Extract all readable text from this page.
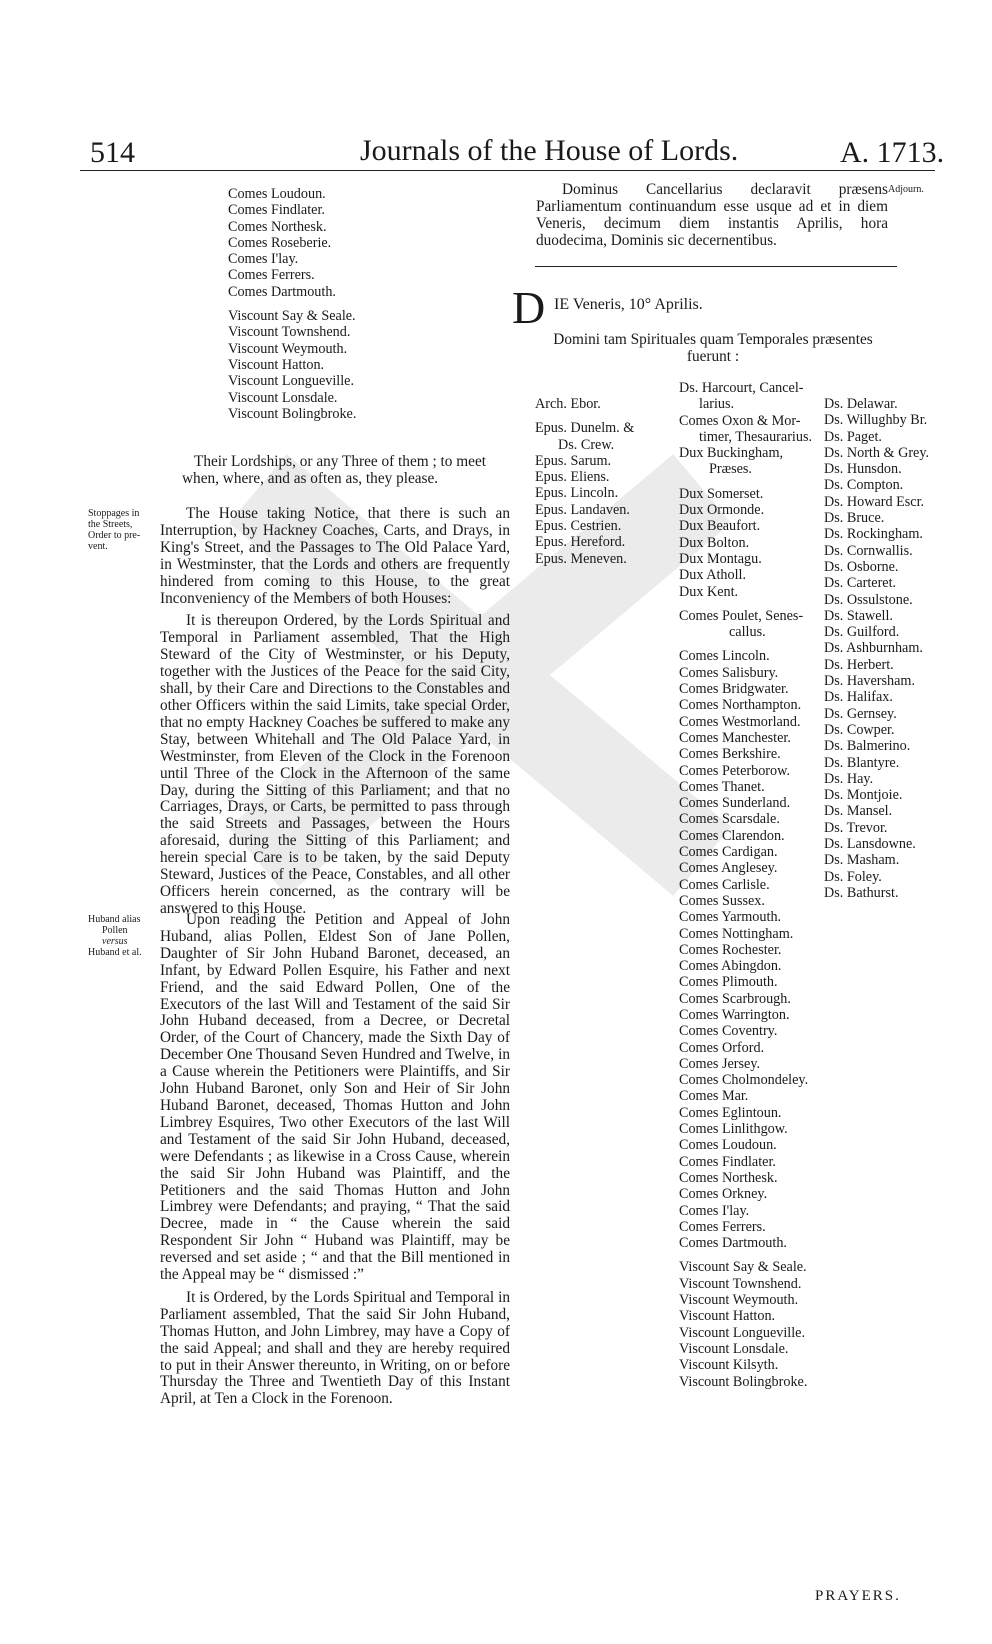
514	Journals of the House of Lords.	A. 1713.
Comes Loudoun.
Comes Findlater.
Comes Northesk.
Comes Roseberie.
Comes I'lay.
Comes Ferrers.
Comes Dartmouth.
Viscount Say & Seale.
Viscount Townshend.
Viscount Weymouth.
Viscount Hatton.
Viscount Longueville.
Viscount Lonsdale.
Viscount Bolingbroke.
Their Lordships, or any Three of them ; to meet
when, where, and as often as, they please.
Stoppages in
the Streets,
Order to pre-
vent.

The House taking Notice, that there is such an Interruption, by Hackney Coaches, Carts, and Drays, in King's Street, and the Passages to The Old Palace Yard, in Westminster, that the Lords and others are frequently hindered from coming to this House, to the great Inconveniency of the Members of both Houses:

It is thereupon Ordered, by the Lords Spiritual and Temporal in Parliament assembled, That the High Steward of the City of Westminster, or his Deputy, together with the Justices of the Peace for the said City, shall, by their Care and Directions to the Constables and other Officers within the said Limits, take special Order, that no empty Hackney Coaches be suffered to make any Stay, between Whitehall and The Old Palace Yard, in Westminster, from Eleven of the Clock in the Forenoon until Three of the Clock in the Afternoon of the same Day, during the Sitting of this Parliament; and that no Carriages, Drays, or Carts, be permitted to pass through the said Streets and Passages, between the Hours aforesaid, during the Sitting of this Parliament; and herein special Care is to be taken, by the said Deputy Steward, Justices of the Peace, Constables, and all other Officers herein concerned, as the contrary will be answered to this House.

Huband alias
Pollen
versus
Huband et al.

Upon reading the Petition and Appeal of John Huband, alias Pollen, Eldest Son of Jane Pollen, Daughter of Sir John Huband Baronet, deceased, an Infant, by Edward Pollen Esquire, his Father and next Friend, and the said Edward Pollen, One of the Executors of the last Will and Testament of the said Sir John Huband deceased, from a Decree, or Decretal Order, of the Court of Chancery, made the Sixth Day of December One Thousand Seven Hundred and Twelve, in a Cause wherein the Petitioners were Plaintiffs, and Sir John Huband Baronet, only Son and Heir of Sir John Huband Baronet, deceased, Thomas Hutton and John Limbrey Esquires, Two other Executors of the last Will and Testament of the said Sir John Huband, deceased, were Defendants ; as likewise in a Cross Cause, wherein the said Sir John Huband was Plaintiff, and the Petitioners and the said Thomas Hutton and John Limbrey were Defendants; and praying, “ That the said Decree, made in “ the Cause wherein the said Respondent Sir John “ Huband was Plaintiff, may be reversed and set aside ; “ and that the Bill mentioned in the Appeal may be “ dismissed :”

It is Ordered, by the Lords Spiritual and Temporal in Parliament assembled, That the said Sir John Huband, Thomas Hutton, and John Limbrey, may have a Copy of the said Appeal; and shall and they are hereby required to put in their Answer thereunto, in Writing, on or before Thursday the Three and Twentieth Day of this Instant April, at Ten a Clock in the Forenoon.

Dominus Cancellarius declaravit præsens Parliamentum continuandum esse usque ad et in diem Veneris, decimum diem instantis Aprilis, hora duodecima, Dominis sic decernentibus.

Adjourn.
D IE Veneris, 10° Aprilis.
Domini tam Spirituales quam Temporales præsentes
fuerunt :
Arch. Ebor.
Epus. Dunelm. &
Ds. Crew.
Epus. Sarum.
Epus. Eliens.
Epus. Lincoln.
Epus. Landaven.
Epus. Cestrien.
Epus. Hereford.
Epus. Meneven.
Ds. Harcourt, Cancel-
larius.
Comes Oxon & Mor-
timer, Thesaurarius.
Dux Buckingham,
Præses.
Dux Somerset.
Dux Ormonde.
Dux Beaufort.
Dux Bolton.
Dux Montagu.
Dux Atholl.
Dux Kent.
Comes Poulet, Senes-
callus.
Comes Lincoln.
Comes Salisbury.
Comes Bridgwater.
Comes Northampton.
Comes Westmorland.
Comes Manchester.
Comes Berkshire.
Comes Peterborow.
Comes Thanet.
Comes Sunderland.
Comes Scarsdale.
Comes Clarendon.
Comes Cardigan.
Comes Anglesey.
Comes Carlisle.
Comes Sussex.
Comes Yarmouth.
Comes Nottingham.
Comes Rochester.
Comes Abingdon.
Comes Plimouth.
Comes Scarbrough.
Comes Warrington.
Comes Coventry.
Comes Orford.
Comes Jersey.
Comes Cholmondeley.
Comes Mar.
Comes Eglintoun.
Comes Linlithgow.
Comes Loudoun.
Comes Findlater.
Comes Northesk.
Comes Orkney.
Comes I'lay.
Comes Ferrers.
Comes Dartmouth.
Viscount Say & Seale.
Viscount Townshend.
Viscount Weymouth.
Viscount Hatton.
Viscount Longueville.
Viscount Lonsdale.
Viscount Kilsyth.
Viscount Bolingbroke.
Ds. Delawar.
Ds. Willughby Br.
Ds. Paget.
Ds. North & Grey.
Ds. Hunsdon.
Ds. Compton.
Ds. Howard Escr.
Ds. Bruce.
Ds. Rockingham.
Ds. Cornwallis.
Ds. Osborne.
Ds. Carteret.
Ds. Ossulstone.
Ds. Stawell.
Ds. Guilford.
Ds. Ashburnham.
Ds. Herbert.
Ds. Haversham.
Ds. Halifax.
Ds. Gernsey.
Ds. Cowper.
Ds. Balmerino.
Ds. Blantyre.
Ds. Hay.
Ds. Montjoie.
Ds. Mansel.
Ds. Trevor.
Ds. Lansdowne.
Ds. Masham.
Ds. Foley.
Ds. Bathurst.
PRAYERS.
